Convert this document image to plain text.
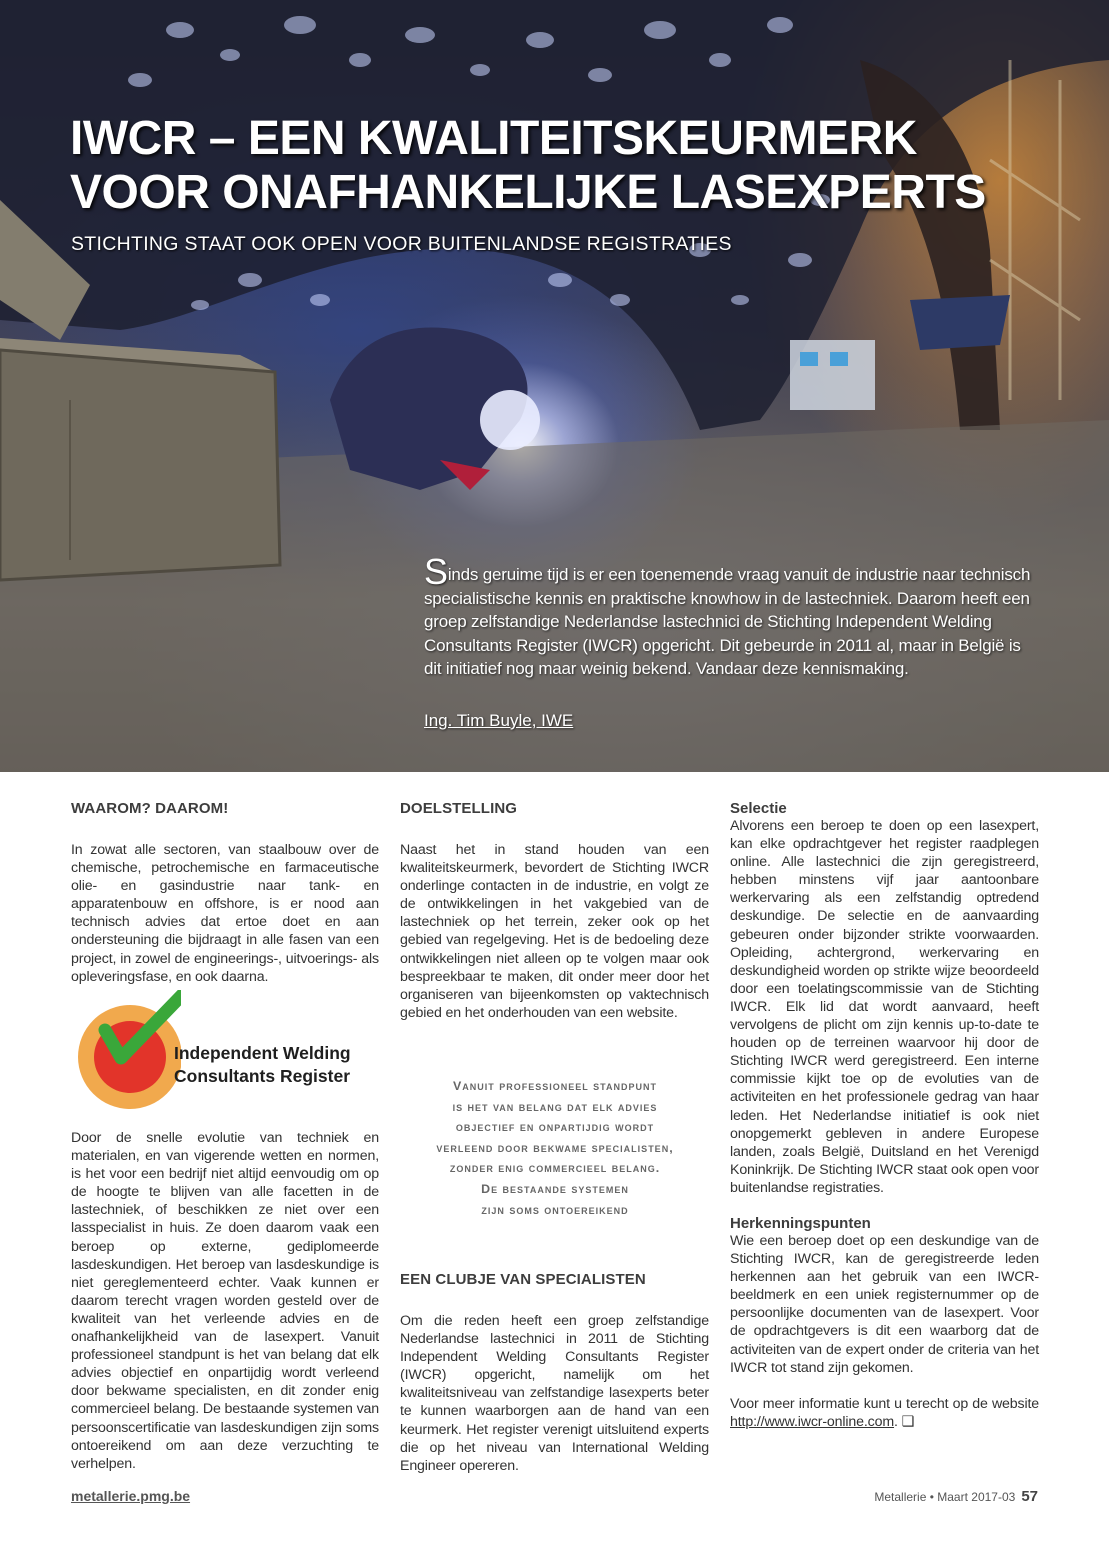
IWCR – EEN KWALITEITSKEURMERK
VOOR ONAFHANKELIJKE LASEXPERTS

STICHTING STAAT OOK OPEN VOOR BUITENLANDSE REGISTRATIES

Sinds geruime tijd is er een toenemende vraag vanuit de industrie naar technisch specialistische kennis en praktische knowhow in de lastechniek. Daarom heeft een groep zelfstandige Nederlandse lastechnici de Stichting Independent Welding Consultants Register (IWCR) opgericht. Dit gebeurde in 2011 al, maar in België is dit initiatief nog maar weinig bekend. Vandaar deze kennismaking.
Ing. Tim Buyle, IWE
WAAROM? DAAROM!

In zowat alle sectoren, van staalbouw over de chemische, petrochemische en farmaceutische olie- en gasindustrie naar tank- en apparatenbouw en offshore, is er nood aan technisch advies dat ertoe doet en aan ondersteuning die bijdraagt in alle fasen van een project, in zowel de engineerings-, uitvoerings- als opleveringsfase, en ook daarna.

Independent Welding
Consultants Register

Door de snelle evolutie van techniek en materialen, en van vigerende wetten en normen, is het voor een bedrijf niet altijd eenvoudig om op de hoogte te blijven van alle facetten in de lastechniek, of beschikken ze niet over een lasspecialist in huis. Ze doen daarom vaak een beroep op externe, gediplomeerde lasdeskundigen. Het beroep van lasdeskundige is niet gereglementeerd echter. Vaak kunnen er daarom terecht vragen worden gesteld over de kwaliteit van het verleende advies en de onafhankelijkheid van de lasexpert. Vanuit professioneel standpunt is het van belang dat elk advies objectief en onpartijdig wordt verleend door bekwame specialisten, en dit zonder enig commercieel belang. De bestaande systemen van persoonscertificatie van lasdeskundigen zijn soms ontoereikend om aan deze verzuchting te verhelpen.

DOELSTELLING

Naast het in stand houden van een kwaliteitskeurmerk, bevordert de Stichting IWCR onderlinge contacten in de industrie, en volgt ze de ontwikkelingen in het vakgebied van de lastechniek op het terrein, zeker ook op het gebied van regelgeving. Het is de bedoeling deze ontwikkelingen niet alleen op te volgen maar ook bespreekbaar te maken, dit onder meer door het organiseren van bijeenkomsten op vaktechnisch gebied en het onderhouden van een website.

Vanuit professioneel standpunt
is het van belang dat elk advies
objectief en onpartijdig wordt
verleend door bekwame specialisten,
zonder enig commercieel belang.
De bestaande systemen
zijn soms ontoereikend
EEN CLUBJE VAN SPECIALISTEN

Om die reden heeft een groep zelfstandige Nederlandse lastechnici in 2011 de Stichting Independent Welding Consultants Register (IWCR) opgericht, namelijk om het kwaliteitsniveau van zelfstandige lasexperts beter te kunnen waarborgen aan de hand van een keurmerk. Het register verenigt uitsluitend experts die op het niveau van International Welding Engineer opereren.

Selectie

Alvorens een beroep te doen op een lasexpert, kan elke opdrachtgever het register raadplegen online. Alle lastechnici die zijn geregistreerd, hebben minstens vijf jaar aantoonbare werkervaring als een zelfstandig optredend deskundige. De selectie en de aanvaarding gebeuren onder bijzonder strikte voorwaarden. Opleiding, achtergrond, werkervaring en deskundigheid worden op strikte wijze beoordeeld door een toelatingscommissie van de Stichting IWCR. Elk lid dat wordt aanvaard, heeft vervolgens de plicht om zijn kennis up-to-date te houden op de terreinen waarvoor hij door de Stichting IWCR werd geregistreerd. Een interne commissie kijkt toe op de evoluties van de activiteiten en het professionele gedrag van haar leden. Het Nederlandse initiatief is ook niet onopgemerkt gebleven in andere Europese landen, zoals België, Duitsland en het Verenigd Koninkrijk. De Stichting IWCR staat ook open voor buitenlandse registraties.

Herkenningspunten

Wie een beroep doet op een deskundige van de Stichting IWCR, kan de geregistreerde leden herkennen aan het gebruik van een IWCR-beeldmerk en een uniek registernummer op de persoonlijke documenten van de lasexpert. Voor de opdrachtgevers is dit een waarborg dat de activiteiten van de expert onder de criteria van het IWCR tot stand zijn gekomen.

Voor meer informatie kunt u terecht op de website http://www.iwcr-online.com. ❑

metallerie.pmg.be	Metallerie • Maart 2017-03 57
